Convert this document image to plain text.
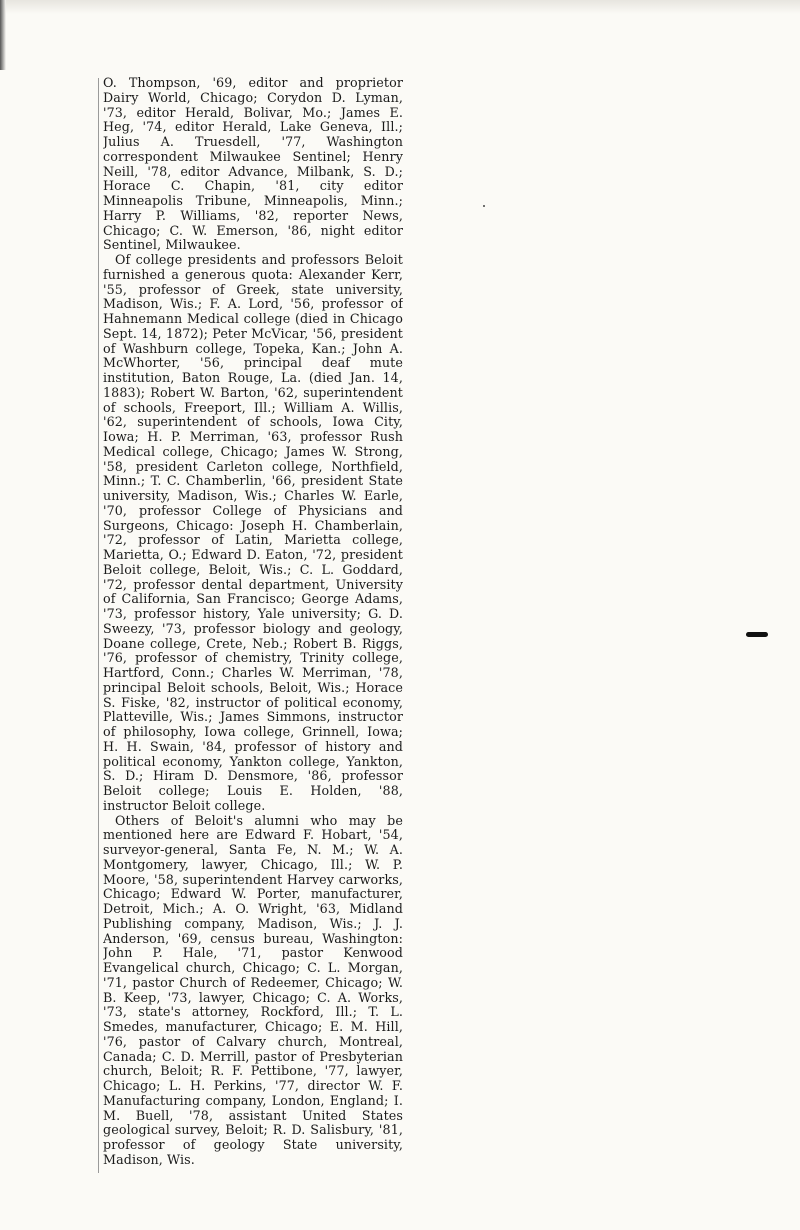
O. Thompson, '69, editor and proprietor Dairy World, Chicago; Corydon D. Lyman, '73, editor Herald, Bolivar, Mo.; James E. Heg, '74, editor Herald, Lake Geneva, Ill.; Julius A. Truesdell, '77, Washington correspondent Milwaukee Sentinel; Henry Neill, '78, editor Advance, Milbank, S. D.; Horace C. Chapin, '81, city editor Minneapolis Tribune, Minneapolis, Minn.; Harry P. Williams, '82, reporter News, Chicago; C. W. Emerson, '86, night editor Sentinel, Milwaukee.

Of college presidents and professors Beloit furnished a generous quota: Alexander Kerr, '55, professor of Greek, state university, Madison, Wis.; F. A. Lord, '56, professor of Hahnemann Medical college (died in Chicago Sept. 14, 1872); Peter McVicar, '56, president of Washburn college, Topeka, Kan.; John A. McWhorter, '56, principal deaf mute institution, Baton Rouge, La. (died Jan. 14, 1883); Robert W. Barton, '62, superintendent of schools, Freeport, Ill.; William A. Willis, '62, superintendent of schools, Iowa City, Iowa; H. P. Merriman, '63, professor Rush Medical college, Chicago; James W. Strong, '58, president Carleton college, Northfield, Minn.; T. C. Chamberlin, '66, president State university, Madison, Wis.; Charles W. Earle, '70, professor College of Physicians and Surgeons, Chicago: Joseph H. Chamberlain, '72, professor of Latin, Marietta college, Marietta, O.; Edward D. Eaton, '72, president Beloit college, Beloit, Wis.; C. L. Goddard, '72, professor dental department, University of California, San Francisco; George Adams, '73, professor history, Yale university; G. D. Sweezy, '73, professor biology and geology, Doane college, Crete, Neb.; Robert B. Riggs, '76, professor of chemistry, Trinity college, Hartford, Conn.; Charles W. Merriman, '78, principal Beloit schools, Beloit, Wis.; Horace S. Fiske, '82, instructor of political economy, Platteville, Wis.; James Simmons, instructor of philosophy, Iowa college, Grinnell, Iowa; H. H. Swain, '84, professor of history and political economy, Yankton college, Yankton, S. D.; Hiram D. Densmore, '86, professor Beloit college; Louis E. Holden, '88, instructor Beloit college.

Others of Beloit's alumni who may be mentioned here are Edward F. Hobart, '54, surveyor-general, Santa Fe, N. M.; W. A. Montgomery, lawyer, Chicago, Ill.; W. P. Moore, '58, superintendent Harvey carworks, Chicago; Edward W. Porter, manufacturer, Detroit, Mich.; A. O. Wright, '63, Midland Publishing company, Madison, Wis.; J. J. Anderson, '69, census bureau, Washington: John P. Hale, '71, pastor Kenwood Evangelical church, Chicago; C. L. Morgan, '71, pastor Church of Redeemer, Chicago; W. B. Keep, '73, lawyer, Chicago; C. A. Works, '73, state's attorney, Rockford, Ill.; T. L. Smedes, manufacturer, Chicago; E. M. Hill, '76, pastor of Calvary church, Montreal, Canada; C. D. Merrill, pastor of Presbyterian church, Beloit; R. F. Pettibone, '77, lawyer, Chicago; L. H. Perkins, '77, director W. F. Manufacturing company, London, England; I. M. Buell, '78, assistant United States geological survey, Beloit; R. D. Salisbury, '81, professor of geology State university, Madison, Wis.
